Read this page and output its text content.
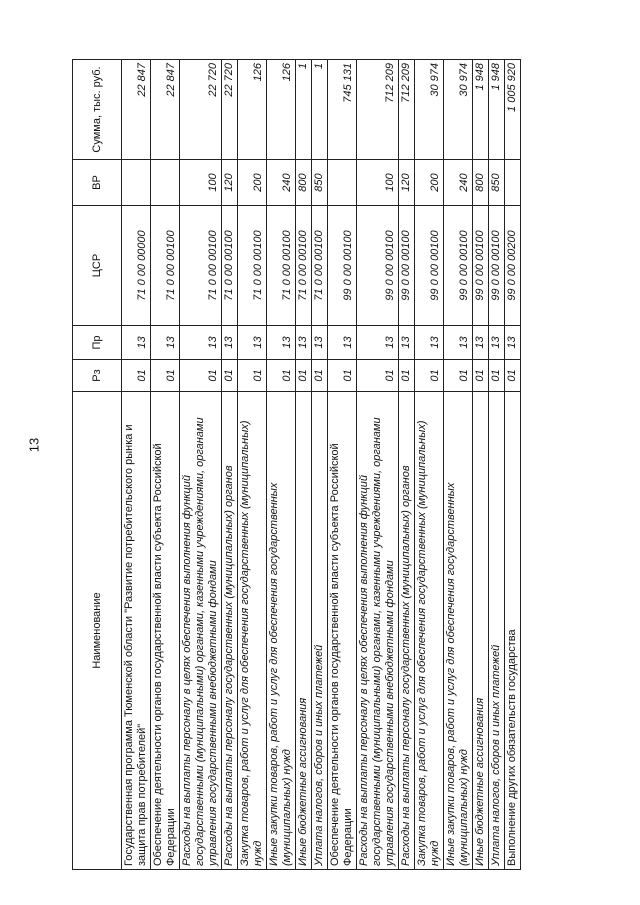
13
Наименование	Рз	Пр	ЦСР	ВР	Сумма, тыс. руб.
Государственная программа Тюменской области "Развитие потребительского рынка и защита прав потребителей"	01	13	71 0 00 00000		22 847
Обеспечение деятельности органов государственной власти субъекта Российской Федерации	01	13	71 0 00 00100		22 847
Расходы на выплаты персоналу в целях обеспечения выполнения функций государственными (муниципальными) органами, казенными учреждениями, органами управления государственными внебюджетными фондами	01	13	71 0 00 00100	100	22 720
Расходы на выплаты персоналу государственных (муниципальных) органов	01	13	71 0 00 00100	120	22 720
Закупка товаров, работ и услуг для обеспечения государственных (муниципальных) нужд	01	13	71 0 00 00100	200	126
Иные закупки товаров, работ и услуг для обеспечения государственных (муниципальных) нужд	01	13	71 0 00 00100	240	126
Иные бюджетные ассигнования	01	13	71 0 00 00100	800	1
Уплата налогов, сборов и иных платежей	01	13	71 0 00 00100	850	1
Обеспечение деятельности органов государственной власти субъекта Российской Федерации	01	13	99 0 00 00100		745 131
Расходы на выплаты персоналу в целях обеспечения выполнения функций государственными (муниципальными) органами, казенными учреждениями, органами управления государственными внебюджетными фондами	01	13	99 0 00 00100	100	712 209
Расходы на выплаты персоналу государственных (муниципальных) органов	01	13	99 0 00 00100	120	712 209
Закупка товаров, работ и услуг для обеспечения государственных (муниципальных) нужд	01	13	99 0 00 00100	200	30 974
Иные закупки товаров, работ и услуг для обеспечения государственных (муниципальных) нужд	01	13	99 0 00 00100	240	30 974
Иные бюджетные ассигнования	01	13	99 0 00 00100	800	1 948
Уплата налогов, сборов и иных платежей	01	13	99 0 00 00100	850	1 948
Выполнение других обязательств государства	01	13	99 0 00 00200		1 005 920
